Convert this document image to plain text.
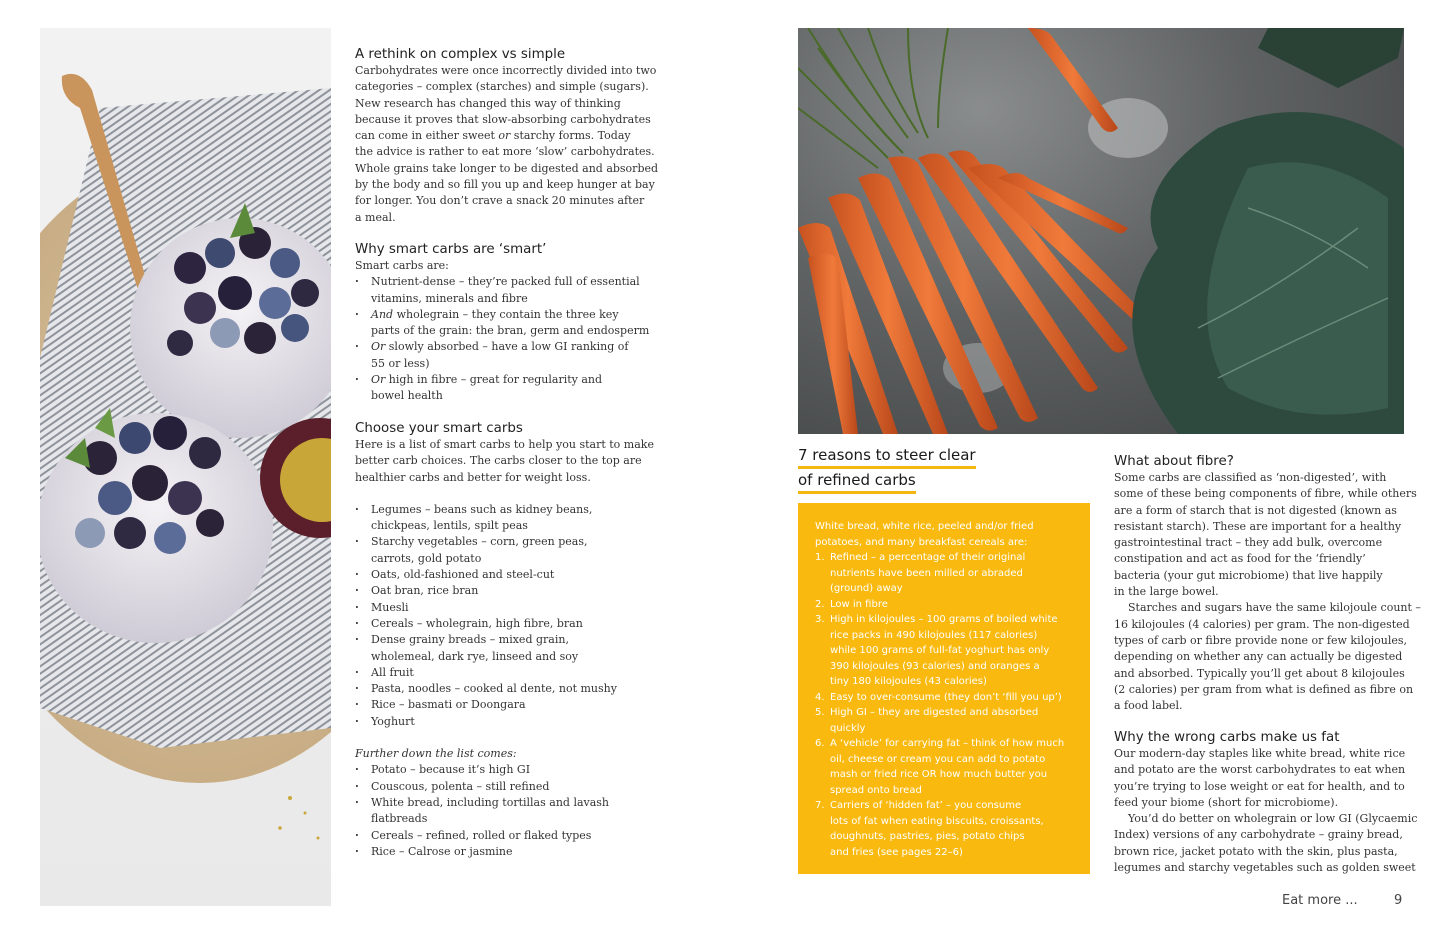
A rethink on complex vs simple
Carbohydrates were once incorrectly divided into two
categories – complex (starches) and simple (sugars).
New research has changed this way of thinking
because it proves that slow-absorbing carbohydrates
can come in either sweet or starchy forms. Today
the advice is rather to eat more ‘slow’ carbohydrates.
Whole grains take longer to be digested and absorbed
by the body and so fill you up and keep hunger at bay
for longer. You don’t crave a snack 20 minutes after
a meal.
Why smart carbs are ‘smart’
Smart carbs are:
· Nutrient-dense – they’re packed full of essential
vitamins, minerals and fibre
· And wholegrain – they contain the three key
parts of the grain: the bran, germ and endosperm
· Or slowly absorbed – have a low GI ranking of
55 or less)
· Or high in fibre – great for regularity and
bowel health
Choose your smart carbs
Here is a list of smart carbs to help you start to make
better carb choices. The carbs closer to the top are
healthier carbs and better for weight loss.
· Legumes – beans such as kidney beans,
chickpeas, lentils, spilt peas
· Starchy vegetables – corn, green peas,
carrots, gold potato
· Oats, old-fashioned and steel-cut
· Oat bran, rice bran
· Muesli
· Cereals – wholegrain, high fibre, bran
· Dense grainy breads – mixed grain,
wholemeal, dark rye, linseed and soy
· All fruit
· Pasta, noodles – cooked al dente, not mushy
· Rice – basmati or Doongara
· Yoghurt
Further down the list comes:
· Potato – because it’s high GI
· Couscous, polenta – still refined
· White bread, including tortillas and lavash
flatbreads
· Cereals – refined, rolled or flaked types
· Rice – Calrose or jasmine
7 reasons to steer clear
of refined carbs
White bread, white rice, peeled and/or fried
potatoes, and many breakfast cereals are:
1. Refined – a percentage of their original
nutrients have been milled or abraded
(ground) away
2. Low in fibre
3. High in kilojoules – 100 grams of boiled white
rice packs in 490 kilojoules (117 calories)
while 100 grams of full-fat yoghurt has only
390 kilojoules (93 calories) and oranges a
tiny 180 kilojoules (43 calories)
4. Easy to over-consume (they don’t ‘fill you up’)
5. High GI – they are digested and absorbed
quickly
6. A ‘vehicle’ for carrying fat – think of how much
oil, cheese or cream you can add to potato
mash or fried rice OR how much butter you
spread onto bread
7. Carriers of ‘hidden fat’ – you consume
lots of fat when eating biscuits, croissants,
doughnuts, pastries, pies, potato chips
and fries (see pages 22–6)
What about fibre?
Some carbs are classified as ‘non-digested’, with
some of these being components of fibre, while others
are a form of starch that is not digested (known as
resistant starch). These are important for a healthy
gastrointestinal tract – they add bulk, overcome
constipation and act as food for the ‘friendly’
bacteria (your gut microbiome) that live happily
in the large bowel.
Starches and sugars have the same kilojoule count –
16 kilojoules (4 calories) per gram. The non-digested
types of carb or fibre provide none or few kilojoules,
depending on whether any can actually be digested
and absorbed. Typically you’ll get about 8 kilojoules
(2 calories) per gram from what is defined as fibre on
a food label.
Why the wrong carbs make us fat
Our modern-day staples like white bread, white rice
and potato are the worst carbohydrates to eat when
you’re trying to lose weight or eat for health, and to
feed your biome (short for microbiome).
You’d do better on wholegrain or low GI (Glycaemic
Index) versions of any carbohydrate – grainy bread,
brown rice, jacket potato with the skin, plus pasta,
legumes and starchy vegetables such as golden sweet
Eat more ...	9
